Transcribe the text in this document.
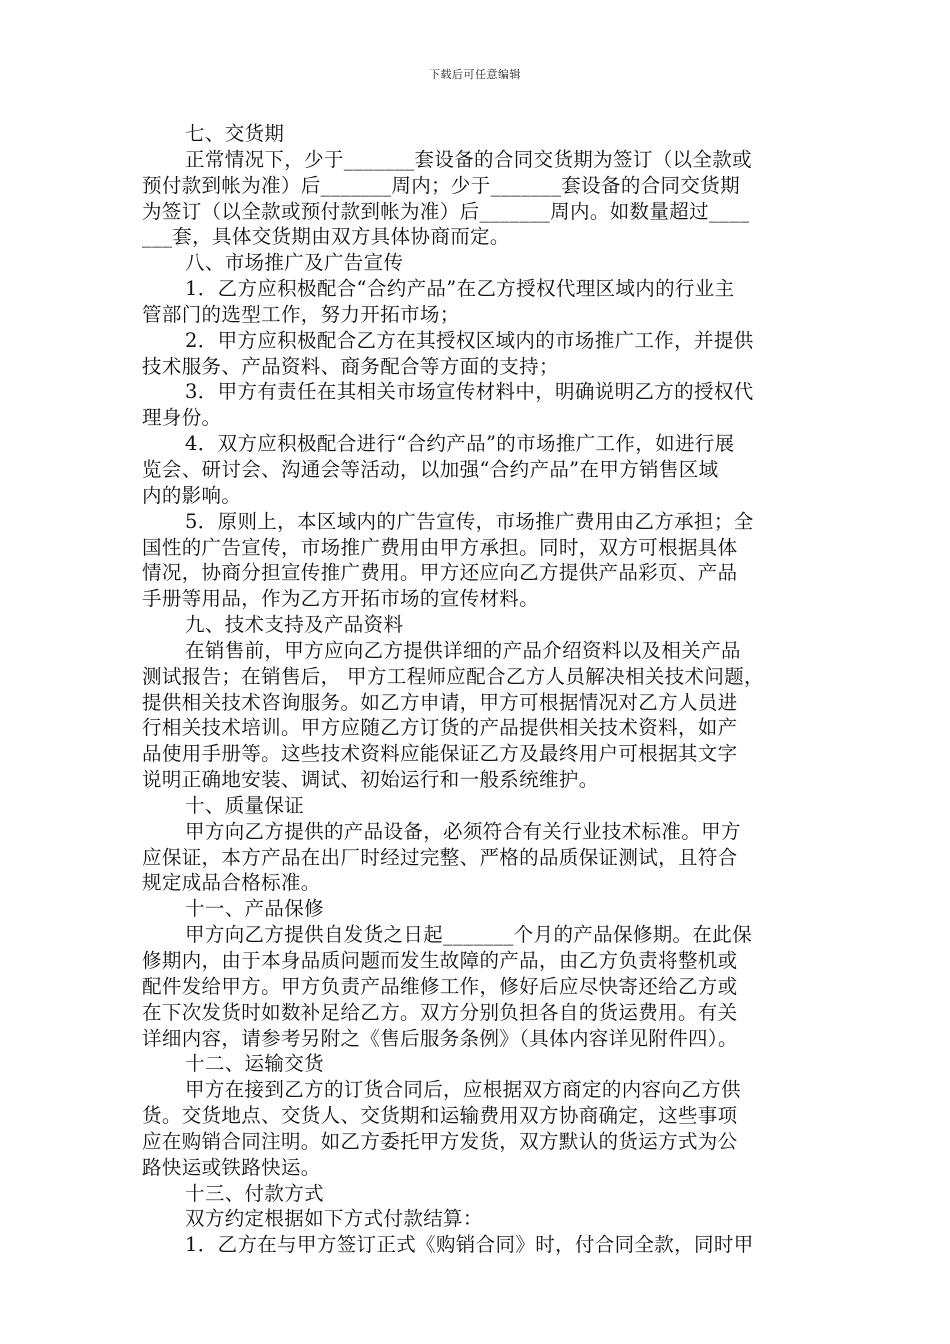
下载后可任意编辑
七、交货期
正常情况下，少于_______套设备的合同交货期为签订（以全款或
预付款到帐为准）后_______周内；少于_______套设备的合同交货期
为签订（以全款或预付款到帐为准）后_______周内。如数量超过____
___套，具体交货期由双方具体协商而定。
八、市场推广及广告宣传
1．乙方应积极配合“合约产品”在乙方授权代理区域内的行业主
管部门的选型工作，努力开拓市场；
2．甲方应积极配合乙方在其授权区域内的市场推广工作，并提供
技术服务、产品资料、商务配合等方面的支持；
3．甲方有责任在其相关市场宣传材料中，明确说明乙方的授权代
理身份。
4．双方应积极配合进行“合约产品”的市场推广工作，如进行展
览会、研讨会、沟通会等活动，以加强“合约产品”在甲方销售区域
内的影响。
5．原则上，本区域内的广告宣传，市场推广费用由乙方承担；全
国性的广告宣传，市场推广费用由甲方承担。同时，双方可根据具体
情况，协商分担宣传推广费用。甲方还应向乙方提供产品彩页、产品
手册等用品，作为乙方开拓市场的宣传材料。
九、技术支持及产品资料
在销售前，甲方应向乙方提供详细的产品介绍资料以及相关产品
测试报告；在销售后， 甲方工程师应配合乙方人员解决相关技术问题，
提供相关技术咨询服务。如乙方申请，甲方可根据情况对乙方人员进
行相关技术培训。甲方应随乙方订货的产品提供相关技术资料，如产
品使用手册等。这些技术资料应能保证乙方及最终用户可根据其文字
说明正确地安装、调试、初始运行和一般系统维护。
十、质量保证
甲方向乙方提供的产品设备，必须符合有关行业技术标准。甲方
应保证，本方产品在出厂时经过完整、严格的品质保证测试，且符合
规定成品合格标准。
十一、产品保修
甲方向乙方提供自发货之日起_______个月的产品保修期。在此保
修期内，由于本身品质问题而发生故障的产品，由乙方负责将整机或
配件发给甲方。甲方负责产品维修工作，修好后应尽快寄还给乙方或
在下次发货时如数补足给乙方。双方分别负担各自的货运费用。有关
详细内容，请参考另附之《售后服务条例》（具体内容详见附件四）。
十二、运输交货
甲方在接到乙方的订货合同后，应根据双方商定的内容向乙方供
货。交货地点、交货人、交货期和运输费用双方协商确定，这些事项
应在购销合同注明。如乙方委托甲方发货，双方默认的货运方式为公
路快运或铁路快运。
十三、付款方式
双方约定根据如下方式付款结算：
1．乙方在与甲方签订正式《购销合同》时，付合同全款，同时甲
